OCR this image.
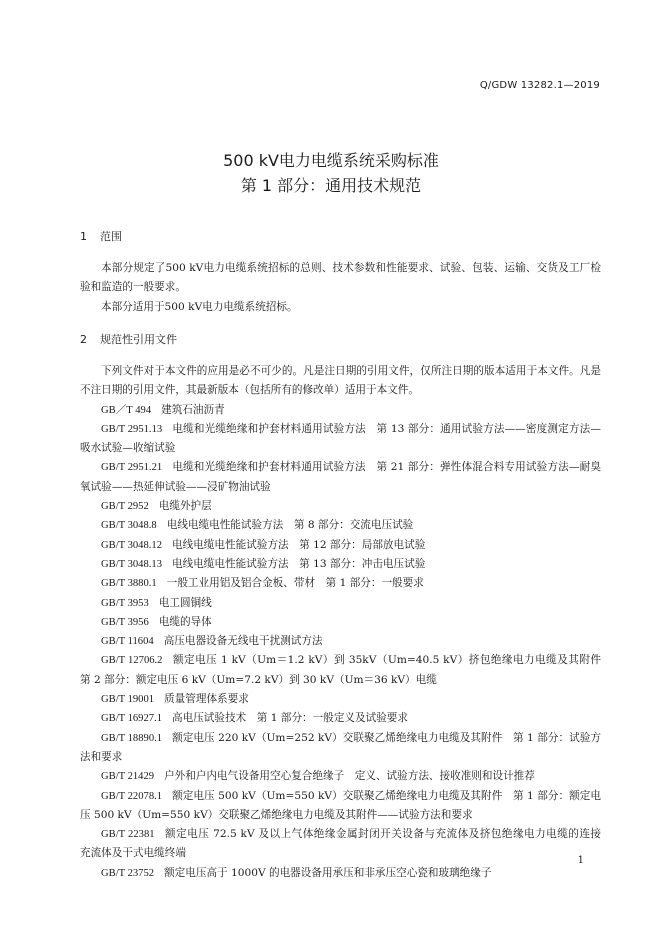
Q/GDW 13282.1—2019
500 kV电力电缆系统采购标准
第 1 部分：通用技术规范
1 范围

本部分规定了500 kV电力电缆系统招标的总则、技术参数和性能要求、试验、包装、运输、交货及工厂检验和监造的一般要求。

本部分适用于500 kV电力电缆系统招标。

2 规范性引用文件

下列文件对于本文件的应用是必不可少的。凡是注日期的引用文件，仅所注日期的版本适用于本文件。凡是不注日期的引用文件，其最新版本（包括所有的修改单）适用于本文件。

GB／T 494 建筑石油沥青

GB/T 2951.13 电缆和光缆绝缘和护套材料通用试验方法　第 13 部分：通用试验方法——密度测定方法—吸水试验—收缩试验

GB/T 2951.21 电缆和光缆绝缘和护套材料通用试验方法　第 21 部分：弹性体混合料专用试验方法—耐臭氧试验——热延伸试验——浸矿物油试验

GB/T 2952 电缆外护层

GB/T 3048.8 电线电缆电性能试验方法　第 8 部分：交流电压试验

GB/T 3048.12 电线电缆电性能试验方法　第 12 部分：局部放电试验

GB/T 3048.13 电线电缆电性能试验方法　第 13 部分：冲击电压试验

GB/T 3880.1 一般工业用铝及铝合金板、带材　第 1 部分：一般要求

GB/T 3953 电工圆铜线

GB/T 3956 电缆的导体

GB/T 11604 高压电器设备无线电干扰测试方法

GB/T 12706.2 额定电压 1 kV（Um＝1.2 kV）到 35kV（Um=40.5 kV）挤包绝缘电力电缆及其附件　第 2 部分：额定电压 6 kV（Um=7.2 kV）到 30 kV（Um＝36 kV）电缆

GB/T 19001 质量管理体系要求

GB/T 16927.1 高电压试验技术　第 1 部分：一般定义及试验要求

GB/T 18890.1 额定电压 220 kV（Um=252 kV）交联聚乙烯绝缘电力电缆及其附件　第 1 部分：试验方法和要求

GB/T 21429 户外和户内电气设备用空心复合绝缘子　定义、试验方法、接收准则和设计推荐

GB/T 22078.1 额定电压 500 kV（Um=550 kV）交联聚乙烯绝缘电力电缆及其附件　第 1 部分：额定电压 500 kV（Um=550 kV）交联聚乙烯绝缘电力电缆及其附件——试验方法和要求

GB/T 22381 额定电压 72.5 kV 及以上气体绝缘金属封闭开关设备与充流体及挤包绝缘电力电缆的连接　充流体及干式电缆终端

GB/T 23752 额定电压高于 1000V 的电器设备用承压和非承压空心瓷和玻璃绝缘子

1
